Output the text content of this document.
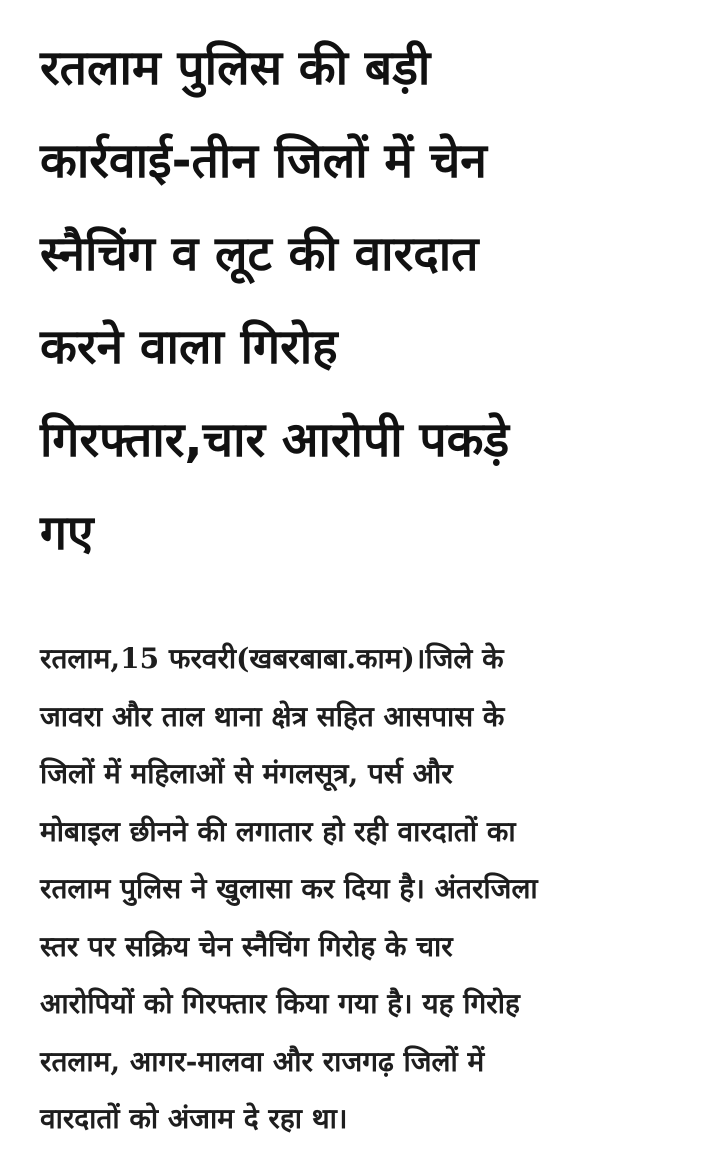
रतलाम पुलिस की बड़ी
कार्रवाई-तीन जिलों में चेन
स्नैचिंग व लूट की वारदात
करने वाला गिरोह
गिरफ्तार,चार आरोपी पकड़े
गए

रतलाम,15 फरवरी(खबरबाबा.काम)।जिले के
जावरा और ताल थाना क्षेत्र सहित आसपास के
जिलों में महिलाओं से मंगलसूत्र, पर्स और
मोबाइल छीनने की लगातार हो रही वारदातों का
रतलाम पुलिस ने खुलासा कर दिया है। अंतरजिला
स्तर पर सक्रिय चेन स्नैचिंग गिरोह के चार
आरोपियों को गिरफ्तार किया गया है। यह गिरोह
रतलाम, आगर-मालवा और राजगढ़ जिलों में
वारदातों को अंजाम दे रहा था।
